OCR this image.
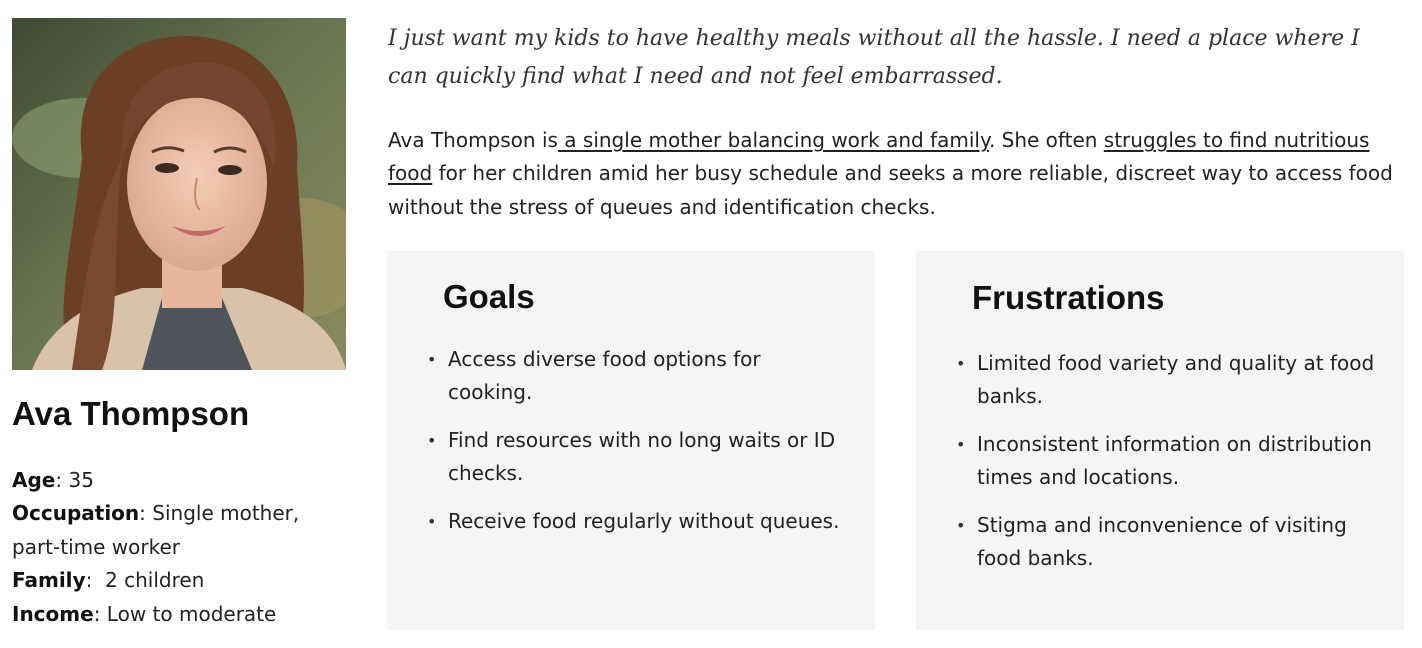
Ava Thompson
Age: 35
Occupation: Single mother,
part-time worker
Family:  2 children
Income: Low to moderate

I just want my kids to have healthy meals without all the hassle. I need a place where I can quickly find what I need and not feel embarrassed.

Ava Thompson is a single mother balancing work and family. She often struggles to find nutritious food for her children amid her busy schedule and seeks a more reliable, discreet way to access food without the stress of queues and identification checks.

Goals
• Access diverse food options for cooking.
• Find resources with no long waits or ID checks.
• Receive food regularly without queues.
Frustrations
• Limited food variety and quality at food banks.
• Inconsistent information on distribution times and locations.
• Stigma and inconvenience of visiting food banks.
